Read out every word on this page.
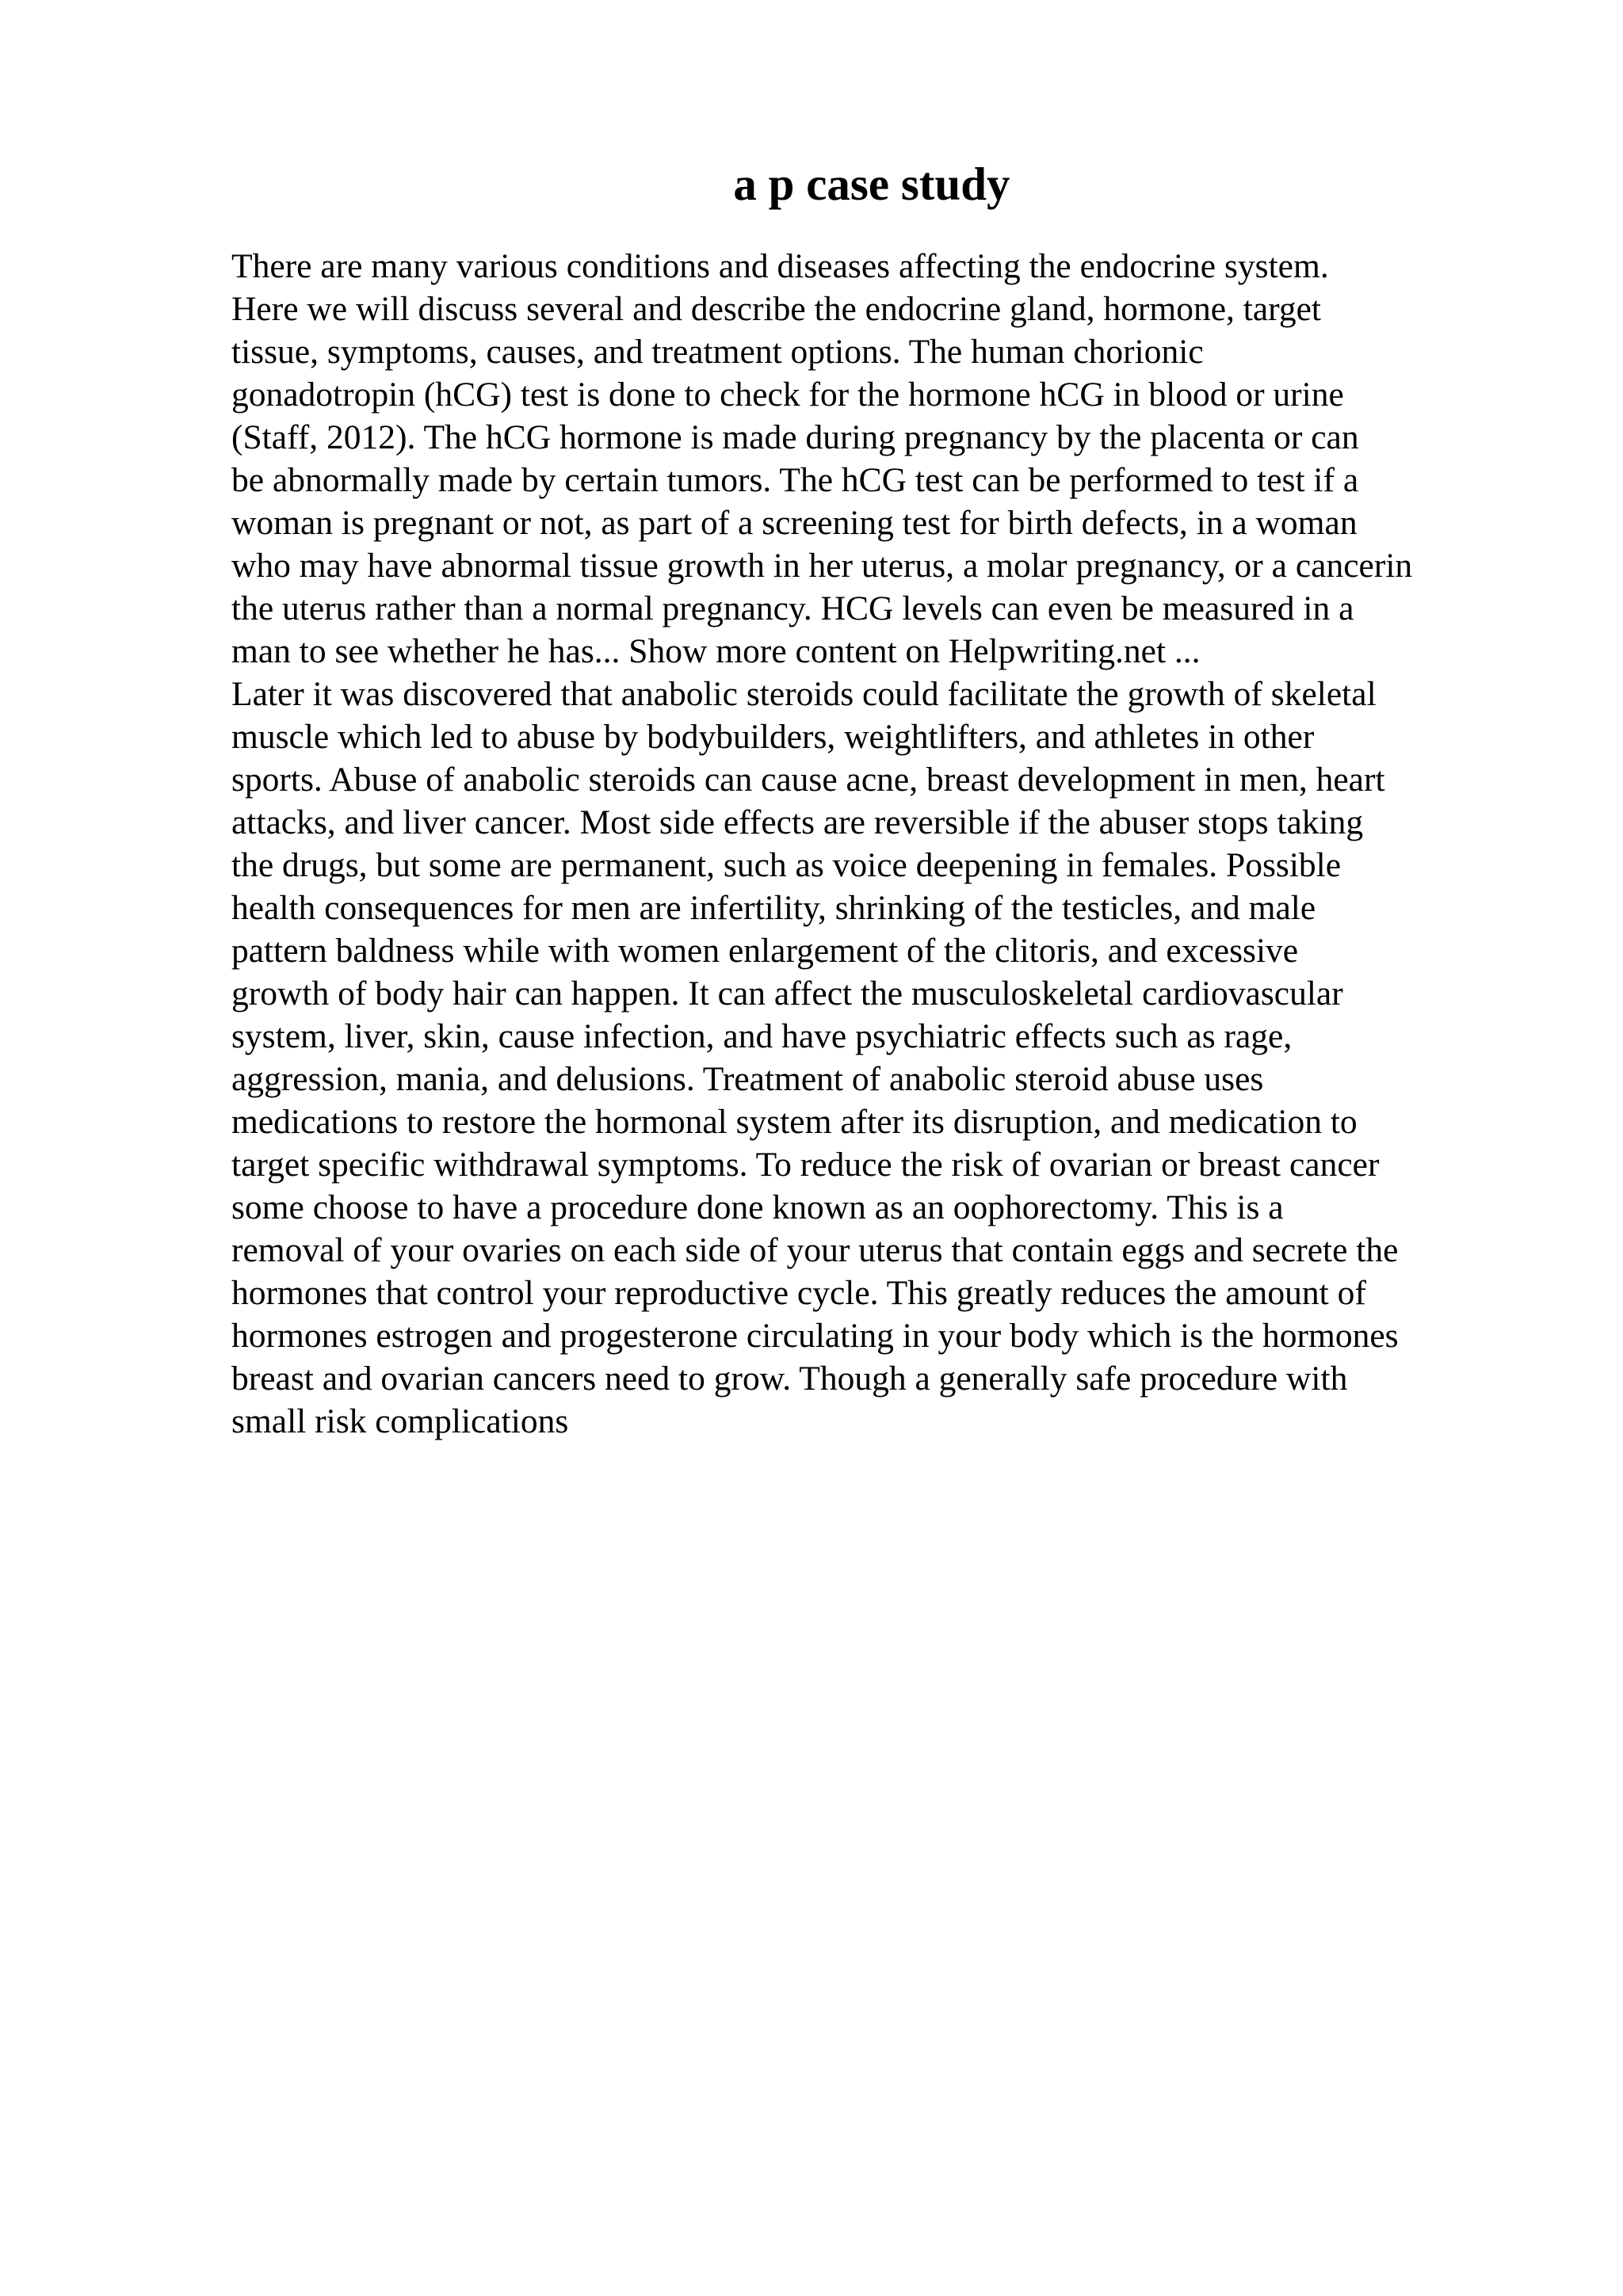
a p case study

There are many various conditions and diseases affecting the endocrine system.
Here we will discuss several and describe the endocrine gland, hormone, target
tissue, symptoms, causes, and treatment options. The human chorionic
gonadotropin (hCG) test is done to check for the hormone hCG in blood or urine
(Staff, 2012). The hCG hormone is made during pregnancy by the placenta or can
be abnormally made by certain tumors. The hCG test can be performed to test if a
woman is pregnant or not, as part of a screening test for birth defects, in a woman
who may have abnormal tissue growth in her uterus, a molar pregnancy, or a cancerin
the uterus rather than a normal pregnancy. HCG levels can even be measured in a
man to see whether he has... Show more content on Helpwriting.net ...

Later it was discovered that anabolic steroids could facilitate the growth of skeletal
muscle which led to abuse by bodybuilders, weightlifters, and athletes in other
sports. Abuse of anabolic steroids can cause acne, breast development in men, heart
attacks, and liver cancer. Most side effects are reversible if the abuser stops taking
the drugs, but some are permanent, such as voice deepening in females. Possible
health consequences for men are infertility, shrinking of the testicles, and male
pattern baldness while with women enlargement of the clitoris, and excessive
growth of body hair can happen. It can affect the musculoskeletal cardiovascular
system, liver, skin, cause infection, and have psychiatric effects such as rage,
aggression, mania, and delusions. Treatment of anabolic steroid abuse uses
medications to restore the hormonal system after its disruption, and medication to
target specific withdrawal symptoms. To reduce the risk of ovarian or breast cancer
some choose to have a procedure done known as an oophorectomy. This is a
removal of your ovaries on each side of your uterus that contain eggs and secrete the
hormones that control your reproductive cycle. This greatly reduces the amount of
hormones estrogen and progesterone circulating in your body which is the hormones
breast and ovarian cancers need to grow. Though a generally safe procedure with
small risk complications
